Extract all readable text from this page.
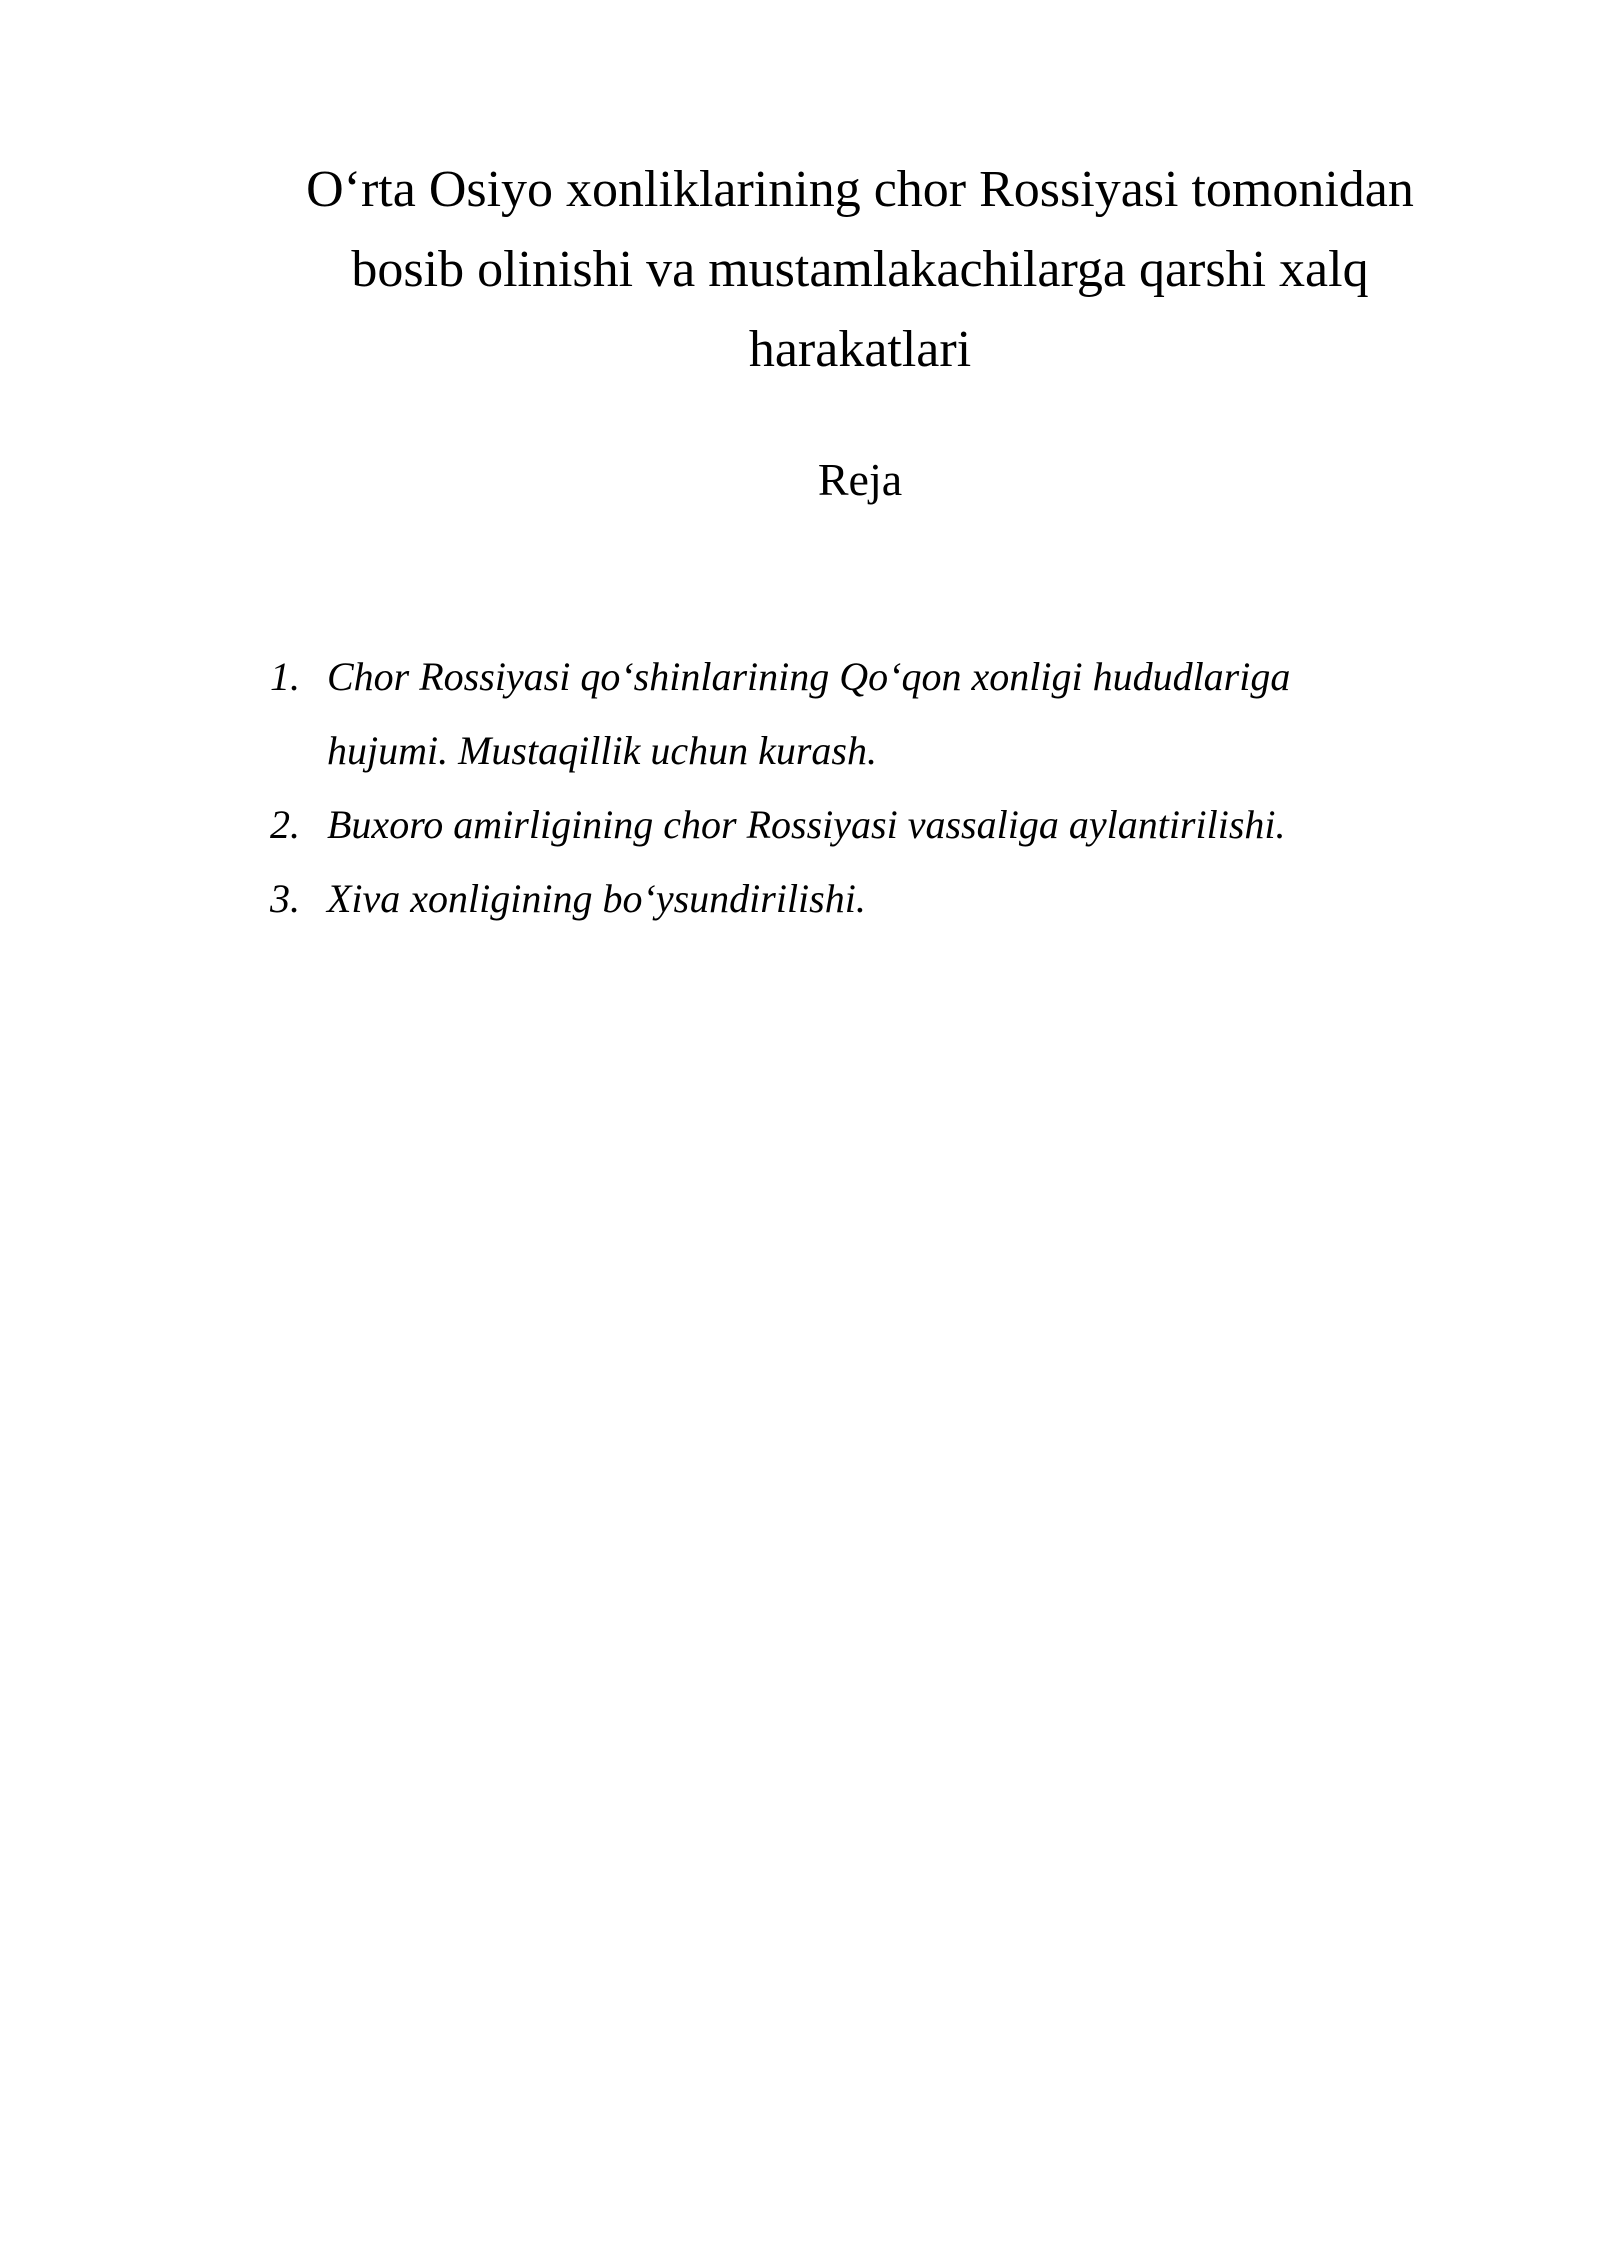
O‘rta Osiyo xonliklarining chor Rossiyasi tomonidan bosib olinishi va mustamlakachilarga qarshi xalq harakatlari
Reja
1. Chor Rossiyasi qo‘shinlarining Qo‘qon xonligi hududlariga hujumi. Mustaqillik uchun kurash.
2. Buxoro amirligining chor Rossiyasi vassaliga aylantirilishi.
3. Xiva xonligining bo‘ysundirilishi.
